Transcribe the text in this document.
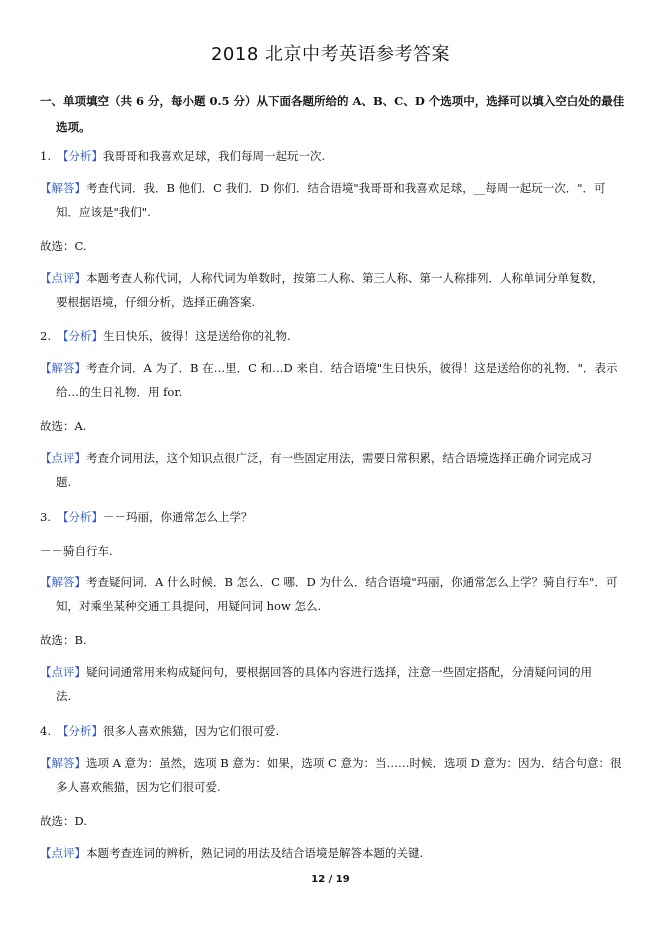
2018 北京中考英语参考答案
一、单项填空（共 6 分，每小题 0.5 分）从下面各题所给的 A、B、C、D 个选项中，选择可以填入空白处的最佳
选项。
1. 【分析】我哥哥和我喜欢足球，我们每周一起玩一次.
【解答】考查代词．我．B 他们．C 我们．D 你们．结合语境"我哥哥和我喜欢足球，__每周一起玩一次．"．可
知．应该是"我们".
故选：C.
【点评】本题考查人称代词，人称代词为单数时，按第二人称、第三人称、第一人称排列．人称单词分单复数，
要根据语境，仔细分析，选择正确答案.
2. 【分析】生日快乐，彼得！这是送给你的礼物.
【解答】考查介词．A 为了．B 在…里．C 和…D 来自．结合语境"生日快乐，彼得！这是送给你的礼物．"．表示
给…的生日礼物．用 for.
故选：A.
【点评】考查介词用法，这个知识点很广泛，有一些固定用法，需要日常积累，结合语境选择正确介词完成习
题.
3. 【分析】－－玛丽，你通常怎么上学？
－－骑自行车.
【解答】考查疑问词．A 什么时候．B 怎么．C 哪．D 为什么．结合语境"玛丽，你通常怎么上学？骑自行车"．可
知，对乘坐某种交通工具提问，用疑问词 how 怎么.
故选：B.
【点评】疑问词通常用来构成疑问句，要根据回答的具体内容进行选择，注意一些固定搭配，分清疑问词的用
法.
4. 【分析】很多人喜欢熊猫，因为它们很可爱.
【解答】选项 A 意为：虽然，选项 B 意为：如果，选项 C 意为：当……时候．选项 D 意为：因为．结合句意：很
多人喜欢熊猫，因为它们很可爱.
故选：D.
【点评】本题考查连词的辨析，熟记词的用法及结合语境是解答本题的关键.
12 / 19
